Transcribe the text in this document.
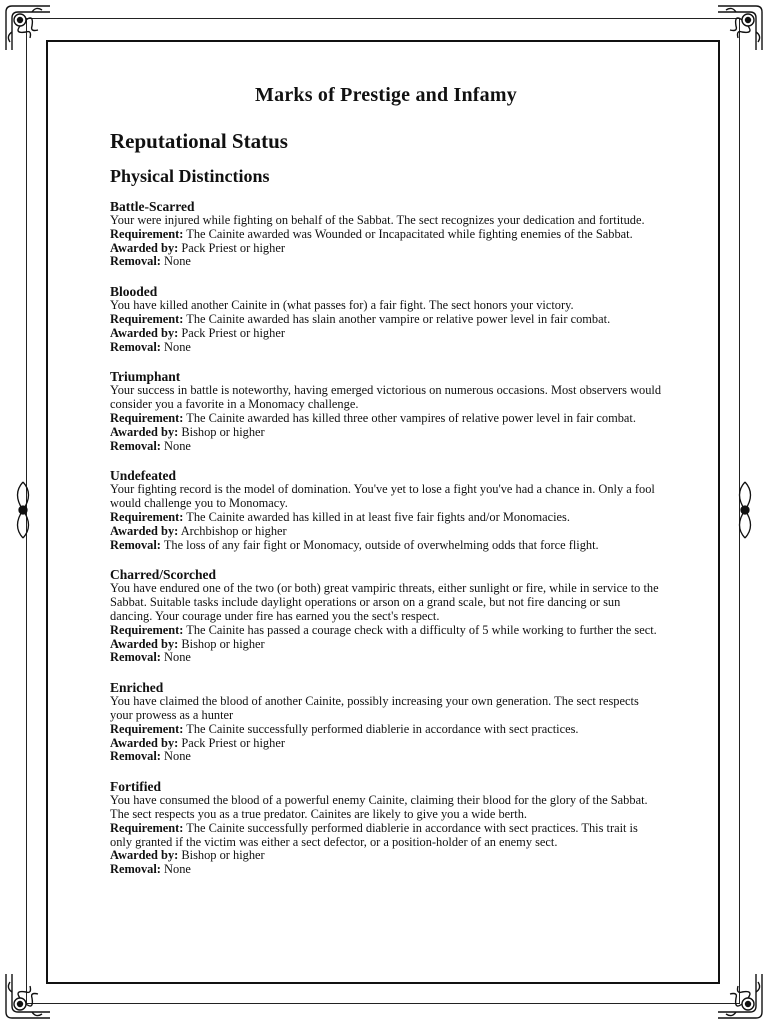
Marks of Prestige and Infamy
Reputational Status
Physical Distinctions
Battle-Scarred
Your were injured while fighting on behalf of the Sabbat. The sect recognizes your dedication and fortitude.
Requirement: The Cainite awarded was Wounded or Incapacitated while fighting enemies of the Sabbat.
Awarded by: Pack Priest or higher
Removal: None
Blooded
You have killed another Cainite in (what passes for) a fair fight. The sect honors your victory.
Requirement: The Cainite awarded has slain another vampire or relative power level in fair combat.
Awarded by: Pack Priest or higher
Removal: None
Triumphant
Your success in battle is noteworthy, having emerged victorious on numerous occasions. Most observers would consider you a favorite in a Monomacy challenge.
Requirement: The Cainite awarded has killed three other vampires of relative power level in fair combat.
Awarded by: Bishop or higher
Removal: None
Undefeated
Your fighting record is the model of domination. You've yet to lose a fight you've had a chance in. Only a fool would challenge you to Monomacy.
Requirement: The Cainite awarded has killed in at least five fair fights and/or Monomacies.
Awarded by: Archbishop or higher
Removal: The loss of any fair fight or Monomacy, outside of overwhelming odds that force flight.
Charred/Scorched
You have endured one of the two (or both) great vampiric threats, either sunlight or fire, while in service to the Sabbat. Suitable tasks include daylight operations or arson on a grand scale, but not fire dancing or sun dancing. Your courage under fire has earned you the sect's respect.
Requirement: The Cainite has passed a courage check with a difficulty of 5 while working to further the sect.
Awarded by: Bishop or higher
Removal: None
Enriched
You have claimed the blood of another Cainite, possibly increasing your own generation. The sect respects your prowess as a hunter
Requirement: The Cainite successfully performed diablerie in accordance with sect practices.
Awarded by: Pack Priest or higher
Removal: None
Fortified
You have consumed the blood of a powerful enemy Cainite, claiming their blood for the glory of the Sabbat. The sect respects you as a true predator. Cainites are likely to give you a wide berth.
Requirement: The Cainite successfully performed diablerie in accordance with sect practices. This trait is only granted if the victim was either a sect defector, or a position-holder of an enemy sect.
Awarded by: Bishop or higher
Removal: None
